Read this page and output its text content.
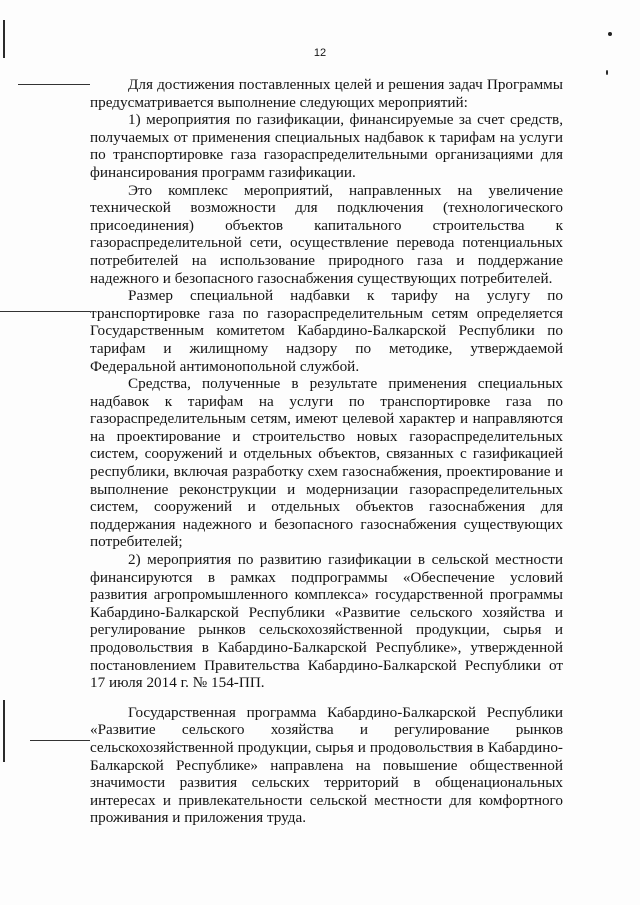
12

Для достижения поставленных целей и решения задач Программы предусматривается выполнение следующих мероприятий:

1) мероприятия по газификации, финансируемые за счет средств, получаемых от применения специальных надбавок к тарифам на услуги по транспортировке газа газораспределительными организациями для финансирования программ газификации.

Это комплекс мероприятий, направленных на увеличение технической возможности для подключения (технологического присоединения) объектов капитального строительства к газораспределительной сети, осуществление перевода потенциальных потребителей на использование природного газа и поддержание надежного и безопасного газоснабжения существующих потребителей.

Размер специальной надбавки к тарифу на услугу по транспортировке газа по газораспределительным сетям определяется Государственным комитетом Кабардино-Балкарской Республики по тарифам и жилищному надзору по методике, утверждаемой Федеральной антимонопольной службой.

Средства, полученные в результате применения специальных надбавок к тарифам на услуги по транспортировке газа по газораспределительным сетям, имеют целевой характер и направляются на проектирование и строительство новых газораспределительных систем, сооружений и отдельных объектов, связанных с газификацией республики, включая разработку схем газоснабжения, проектирование и выполнение реконструкции и модернизации газораспределительных систем, сооружений и отдельных объектов газоснабжения для поддержания надежного и безопасного газоснабжения существующих потребителей;

2) мероприятия по развитию газификации в сельской местности финансируются в рамках подпрограммы «Обеспечение условий развития агропромышленного комплекса» государственной программы Кабардино-Балкарской Республики «Развитие сельского хозяйства и регулирование рынков сельскохозяйственной продукции, сырья и продовольствия в Кабардино-Балкарской Республике», утвержденной постановлением Правительства Кабардино-Балкарской Республики от 17 июля 2014 г. № 154-ПП.

Государственная программа Кабардино-Балкарской Республики «Развитие сельского хозяйства и регулирование рынков сельскохозяйственной продукции, сырья и продовольствия в Кабардино-Балкарской Республике» направлена на повышение общественной значимости развития сельских территорий в общенациональных интересах и привлекательности сельской местности для комфортного проживания и приложения труда.
